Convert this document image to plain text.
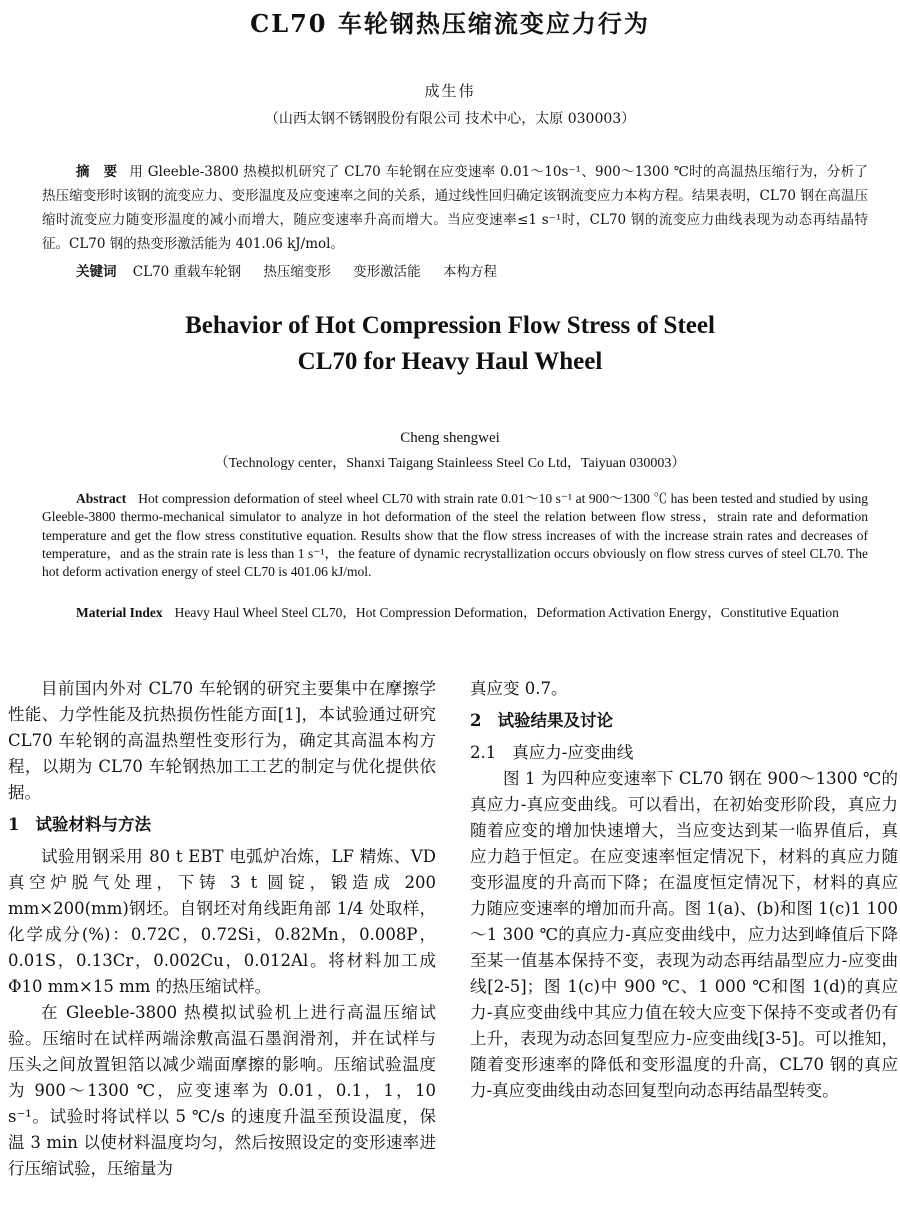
CL70 车轮钢热压缩流变应力行为
成生伟
（山西太钢不锈钢股份有限公司 技术中心，太原 030003）
摘　要 用 Gleeble-3800 热模拟机研究了 CL70 车轮钢在应变速率 0.01～10s⁻¹、900～1300 ℃时的高温热压缩行为，分析了热压缩变形时该钢的流变应力、变形温度及应变速率之间的关系，通过线性回归确定该钢流变应力本构方程。结果表明，CL70 钢在高温压缩时流变应力随变形温度的减小而增大，随应变速率升高而增大。当应变速率≤1 s⁻¹时，CL70 钢的流变应力曲线表现为动态再结晶特征。CL70 钢的热变形激活能为 401.06 kJ/mol。
关键词 CL70 重载车轮钢 热压缩变形 变形激活能 本构方程
Behavior of Hot Compression Flow Stress of Steel
CL70 for Heavy Haul Wheel
Cheng shengwei
（Technology center，Shanxi Taigang Stainleess Steel Co Ltd，Taiyuan 030003）
Abstract Hot compression deformation of steel wheel CL70 with strain rate 0.01～10 s⁻¹ at 900～1300 ℃ has been tested and studied by using Gleeble-3800 thermo-mechanical simulator to analyze in hot deformation of the steel the relation between flow stress，strain rate and deformation temperature and get the flow stress constitutive equation. Results show that the flow stress increases of with the increase strain rates and decreases of temperature，and as the strain rate is less than 1 s⁻¹，the feature of dynamic recrystallization occurs obviously on flow stress curves of steel CL70. The hot deform activation energy of steel CL70 is 401.06 kJ/mol.
Material Index Heavy Haul Wheel Steel CL70，Hot Compression Deformation，Deformation Activation Energy，Constitutive Equation

目前国内外对 CL70 车轮钢的研究主要集中在摩擦学性能、力学性能及抗热损伤性能方面[1]，本试验通过研究 CL70 车轮钢的高温热塑性变形行为，确定其高温本构方程，以期为 CL70 车轮钢热加工工艺的制定与优化提供依据。

1 试验材料与方法

试验用钢采用 80 t EBT 电弧炉冶炼，LF 精炼、VD 真空炉脱气处理，下铸 3 t 圆锭，锻造成 200 mm×200(mm)钢坯。自钢坯对角线距角部 1/4 处取样，化学成分(%)：0.72C，0.72Si，0.82Mn，0.008P，0.01S，0.13Cr，0.002Cu，0.012Al。将材料加工成 Φ10 mm×15 mm 的热压缩试样。

在 Gleeble-3800 热模拟试验机上进行高温压缩试验。压缩时在试样两端涂敷高温石墨润滑剂，并在试样与压头之间放置钽箔以减少端面摩擦的影响。压缩试验温度为 900～1300 ℃，应变速率为 0.01，0.1，1，10 s⁻¹。试验时将试样以 5 ℃/s 的速度升温至预设温度，保温 3 min 以使材料温度均匀，然后按照设定的变形速率进行压缩试验，压缩量为

真应变 0.7。

2 试验结果及讨论
2.1 真应力-应变曲线

图 1 为四种应变速率下 CL70 钢在 900～1300 ℃的真应力-真应变曲线。可以看出，在初始变形阶段，真应力随着应变的增加快速增大，当应变达到某一临界值后，真应力趋于恒定。在应变速率恒定情况下，材料的真应力随变形温度的升高而下降；在温度恒定情况下，材料的真应力随应变速率的增加而升高。图 1(a)、(b)和图 1(c)1 100～1 300 ℃的真应力-真应变曲线中，应力达到峰值后下降至某一值基本保持不变，表现为动态再结晶型应力-应变曲线[2-5]；图 1(c)中 900 ℃、1 000 ℃和图 1(d)的真应力-真应变曲线中其应力值在较大应变下保持不变或者仍有上升，表现为动态回复型应力-应变曲线[3-5]。可以推知，随着变形速率的降低和变形温度的升高，CL70 钢的真应力-真应变曲线由动态回复型向动态再结晶型转变。
